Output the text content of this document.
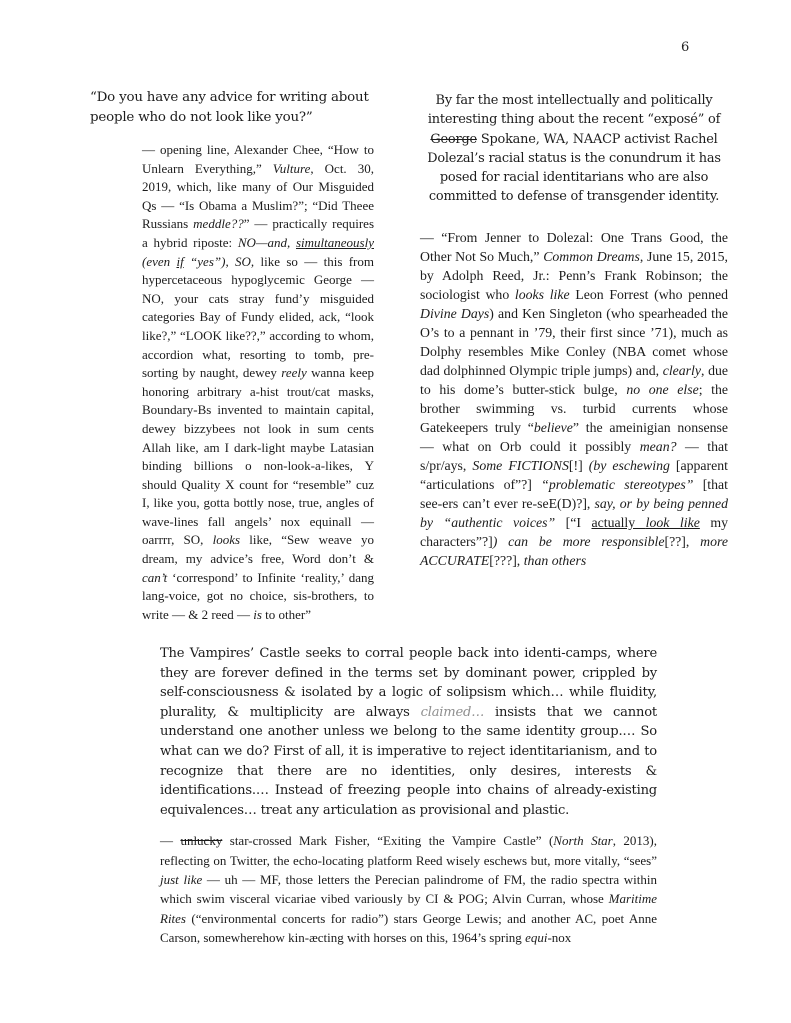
6
“Do you have any advice for writing about people who do not look like you?”
— opening line, Alexander Chee, “How to Unlearn Everything,” Vulture, Oct. 30, 2019, which, like many of Our Misguided Qs — “Is Obama a Muslim?”; “Did Theee Russians meddle??” — practically requires a hybrid riposte: NO—and, simultaneously (even if “yes”), SO, like so — this from hypercetaceous hypoglycemic George — NO, your cats stray fund’y misguided categories Bay of Fundy elided, ack, “look like?,” “LOOK like??,” according to whom, accordion what, resorting to tomb, pre-sorting by naught, dewey reely wanna keep honoring arbitrary a-hist trout/cat masks, Boundary-Bs invented to maintain capital, dewey bizzybees not look in sum cents Allah like, am I dark-light maybe Latasian binding billions o non-look-a-likes, Y should Quality X count for “resemble” cuz I, like you, gotta bottly nose, true, angles of wave-lines fall angels’ nox equinall — oarrrr, SO, looks like, “Sew weave yo dream, my advice’s free, Word don’t & can’t ‘correspond’ to Infinite ‘reality,’ dang lang-voice, got no choice, sis-brothers, to write — & 2 reed — is to other”
By far the most intellectually and politically interesting thing about the recent “exposé” of George Spokane, WA, NAACP activist Rachel Dolezal’s racial status is the conundrum it has posed for racial identitarians who are also committed to defense of transgender identity.
— “From Jenner to Dolezal: One Trans Good, the Other Not So Much,” Common Dreams, June 15, 2015, by Adolph Reed, Jr.: Penn’s Frank Robinson; the sociologist who looks like Leon Forrest (who penned Divine Days) and Ken Singleton (who spearheaded the O’s to a pennant in ’79, their first since ’71), much as Dolphy resembles Mike Conley (NBA comet whose dad dolphinned Olympic triple jumps) and, clearly, due to his dome’s butter-stick bulge, no one else; the brother swimming vs. turbid currents whose Gatekeepers truly “believe” the ameinigian nonsense — what on Orb could it possibly mean? — that s/pr/ays, Some FICTIONS[!] (by eschewing [apparent “articulations of”?] “problematic stereotypes” [that see-ers can’t ever re-seE(D)?], say, or by being penned by “authentic voices” [“I actually look like my characters”?]) can be more responsible[??], more ACCURATE[???], than others
The Vampires’ Castle seeks to corral people back into identi-camps, where they are forever defined in the terms set by dominant power, crippled by self-consciousness & isolated by a logic of solipsism which… while fluidity, plurality, & multiplicity are always claimed… insists that we cannot understand one another unless we belong to the same identity group.… So what can we do? First of all, it is imperative to reject identitarianism, and to recognize that there are no identities, only desires, interests & identifications.… Instead of freezing people into chains of already-existing equivalences… treat any articulation as provisional and plastic.
— unlucky star-crossed Mark Fisher, “Exiting the Vampire Castle” (North Star, 2013), reflecting on Twitter, the echo-locating platform Reed wisely eschews but, more vitally, “sees” just like — uh — MF, those letters the Perecian palindrome of FM, the radio spectra within which swim visceral vicariae vibed variously by CI & POG; Alvin Curran, whose Maritime Rites (“environmental concerts for radio”) stars George Lewis; and another AC, poet Anne Carson, somewherehow kin-æcting with horses on this, 1964’s spring equi-nox
